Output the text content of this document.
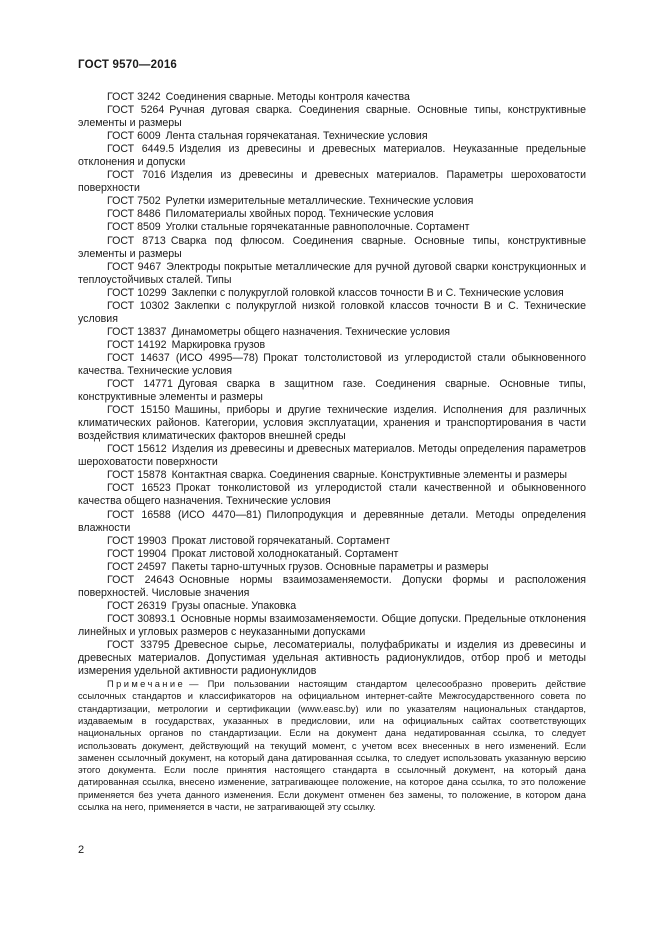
ГОСТ 9570—2016

ГОСТ 3242 Соединения сварные. Методы контроля качества

ГОСТ 5264 Ручная дуговая сварка. Соединения сварные. Основные типы, конструктивные элементы и размеры

ГОСТ 6009 Лента стальная горячекатаная. Технические условия

ГОСТ 6449.5 Изделия из древесины и древесных материалов. Неуказанные предельные отклонения и допуски

ГОСТ 7016 Изделия из древесины и древесных материалов. Параметры шероховатости поверхности

ГОСТ 7502 Рулетки измерительные металлические. Технические условия

ГОСТ 8486 Пиломатериалы хвойных пород. Технические условия

ГОСТ 8509 Уголки стальные горячекатанные равнополочные. Сортамент

ГОСТ 8713 Сварка под флюсом. Соединения сварные. Основные типы, конструктивные элементы и размеры

ГОСТ 9467 Электроды покрытые металлические для ручной дуговой сварки конструкционных и теплоустойчивых сталей. Типы

ГОСТ 10299 Заклепки с полукруглой головкой классов точности В и С. Технические условия

ГОСТ 10302 Заклепки с полукруглой низкой головкой классов точности В и С. Технические условия

ГОСТ 13837 Динамометры общего назначения. Технические условия

ГОСТ 14192 Маркировка грузов

ГОСТ 14637 (ИСО 4995—78) Прокат толстолистовой из углеродистой стали обыкновенного качества. Технические условия

ГОСТ 14771 Дуговая сварка в защитном газе. Соединения сварные. Основные типы, конструктивные элементы и размеры

ГОСТ 15150 Машины, приборы и другие технические изделия. Исполнения для различных климатических районов. Категории, условия эксплуатации, хранения и транспортирования в части воздействия климатических факторов внешней среды

ГОСТ 15612 Изделия из древесины и древесных материалов. Методы определения параметров шероховатости поверхности

ГОСТ 15878 Контактная сварка. Соединения сварные. Конструктивные элементы и размеры

ГОСТ 16523 Прокат тонколистовой из углеродистой стали качественной и обыкновенного качества общего назначения. Технические условия

ГОСТ 16588 (ИСО 4470—81) Пилопродукция и деревянные детали. Методы определения влажности

ГОСТ 19903 Прокат листовой горячекатаный. Сортамент

ГОСТ 19904 Прокат листовой холоднокатаный. Сортамент

ГОСТ 24597 Пакеты тарно-штучных грузов. Основные параметры и размеры

ГОСТ 24643 Основные нормы взаимозаменяемости. Допуски формы и расположения поверхностей. Числовые значения

ГОСТ 26319 Грузы опасные. Упаковка

ГОСТ 30893.1 Основные нормы взаимозаменяемости. Общие допуски. Предельные отклонения линейных и угловых размеров с неуказанными допусками

ГОСТ 33795 Древесное сырье, лесоматериалы, полуфабрикаты и изделия из древесины и древесных материалов. Допустимая удельная активность радионуклидов, отбор проб и методы измерения удельной активности радионуклидов

Примечание — При пользовании настоящим стандартом целесообразно проверить действие ссылочных стандартов и классификаторов на официальном интернет-сайте Межгосударственного совета по стандартизации, метрологии и сертификации (www.easc.by) или по указателям национальных стандартов, издаваемым в государствах, указанных в предисловии, или на официальных сайтах соответствующих национальных органов по стандартизации. Если на документ дана недатированная ссылка, то следует использовать документ, действующий на текущий момент, с учетом всех внесенных в него изменений. Если заменен ссылочный документ, на который дана датированная ссылка, то следует использовать указанную версию этого документа. Если после принятия настоящего стандарта в ссылочный документ, на который дана датированная ссылка, внесено изменение, затрагивающее положение, на которое дана ссылка, то это положение применяется без учета данного изменения. Если документ отменен без замены, то положение, в котором дана ссылка на него, применяется в части, не затрагивающей эту ссылку.

2
